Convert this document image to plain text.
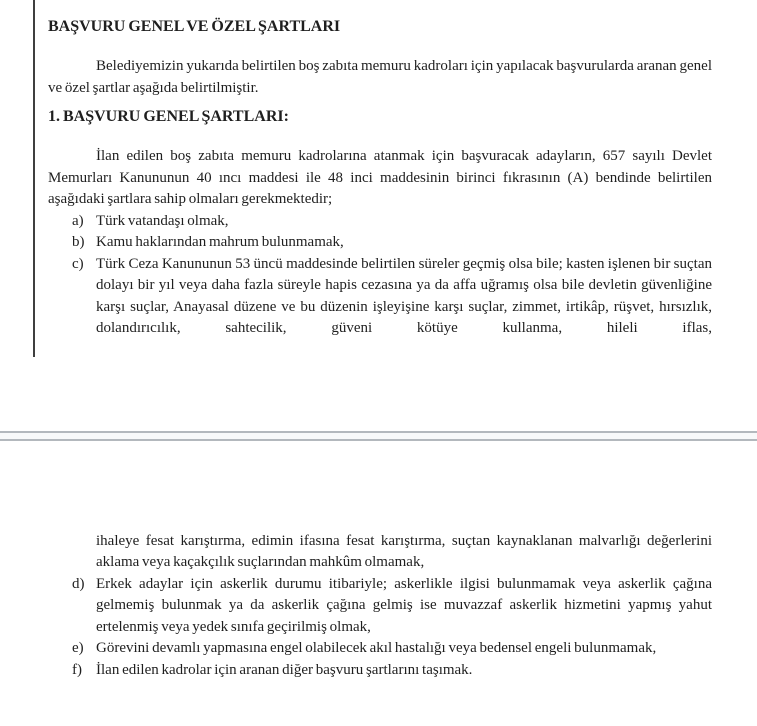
BAŞVURU GENEL VE ÖZEL ŞARTLARI

Belediyemizin yukarıda belirtilen boş zabıta memuru kadroları için yapılacak başvurularda aranan genel ve özel şartlar aşağıda belirtilmiştir.

1. BAŞVURU GENEL ŞARTLARI:

İlan edilen boş zabıta memuru kadrolarına atanmak için başvuracak adayların, 657 sayılı Devlet Memurları Kanununun 40 ıncı maddesi ile 48 inci maddesinin birinci fıkrasının (A) bendinde belirtilen aşağıdaki şartlara sahip olmaları gerekmektedir;

a) Türk vatandaşı olmak,
b) Kamu haklarından mahrum bulunmamak,
c) Türk Ceza Kanununun 53 üncü maddesinde belirtilen süreler geçmiş olsa bile; kasten işlenen bir suçtan dolayı bir yıl veya daha fazla süreyle hapis cezasına ya da affa uğramış olsa bile devletin güvenliğine karşı suçlar, Anayasal düzene ve bu düzenin işleyişine karşı suçlar, zimmet, irtikâp, rüşvet, hırsızlık, dolandırıcılık, sahtecilik, güveni kötüye kullanma, hileli iflas,

ihaleye fesat karıştırma, edimin ifasına fesat karıştırma, suçtan kaynaklanan malvarlığı değerlerini aklama veya kaçakçılık suçlarından mahkûm olmamak,

d) Erkek adaylar için askerlik durumu itibariyle; askerlikle ilgisi bulunmamak veya askerlik çağına gelmemiş bulunmak ya da askerlik çağına gelmiş ise muvazzaf askerlik hizmetini yapmış yahut ertelenmiş veya yedek sınıfa geçirilmiş olmak,
e) Görevini devamlı yapmasına engel olabilecek akıl hastalığı veya bedensel engeli bulunmamak,
f) İlan edilen kadrolar için aranan diğer başvuru şartlarını taşımak.
